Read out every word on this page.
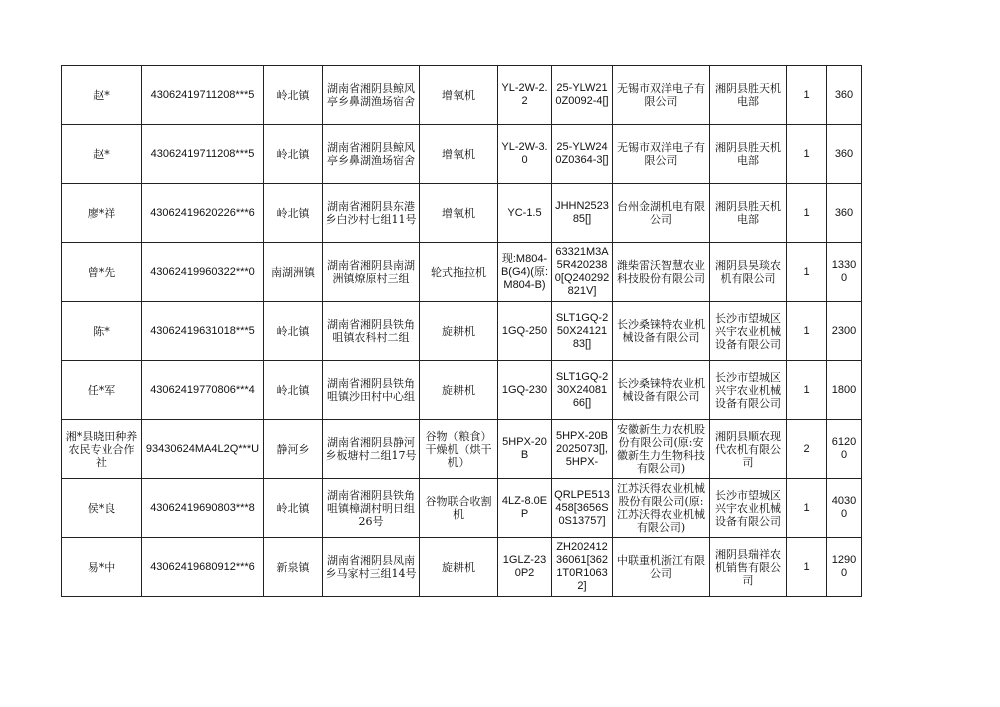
赵*	43062419711208***5	岭北镇	湖南省湘阴县鲸风亭乡鼻湖渔场宿舍	增氧机	YL-2W-2.2	25-YLW210Z0092-4[]	无锡市双洋电子有限公司	湘阴县胜天机电部	1	360
赵*	43062419711208***5	岭北镇	湖南省湘阴县鲸风亭乡鼻湖渔场宿舍	增氧机	YL-2W-3.0	25-YLW240Z0364-3[]	无锡市双洋电子有限公司	湘阴县胜天机电部	1	360
廖*祥	43062419620226***6	岭北镇	湖南省湘阴县东港乡白沙村七组11号	增氧机	YC-1.5	JHHN252385[]	台州金湖机电有限公司	湘阴县胜天机电部	1	360
曾*先	43062419960322***0	南湖洲镇	湖南省湘阴县南湖洲镇燎原村三组	轮式拖拉机	现:M804-B(G4)(原:M804-B)	63321M3A5R4202380[Q240292821V]	潍柴雷沃智慧农业科技股份有限公司	湘阴县昊琰农机有限公司	1	13300
陈*	43062419631018***5	岭北镇	湖南省湘阴县铁角咀镇农科村二组	旋耕机	1GQ-250	SLT1GQ-250X2412183[]	长沙桑铼特农业机械设备有限公司	长沙市望城区兴宇农业机械设备有限公司	1	2300
任*军	43062419770806***4	岭北镇	湖南省湘阴县铁角咀镇沙田村中心组	旋耕机	1GQ-230	SLT1GQ-230X2408166[]	长沙桑铼特农业机械设备有限公司	长沙市望城区兴宇农业机械设备有限公司	1	1800
湘*县晓田种养农民专业合作社	93430624MA4L2Q***U	静河乡	湖南省湘阴县静河乡板塘村二组17号	谷物（粮食）干燥机（烘干机）	5HPX-20B	5HPX-20B2025073[],5HPX-	安徽新生力农机股份有限公司(原:安徽新生力生物科技有限公司)	湘阴县顺农现代农机有限公司	2	61200
侯*良	43062419690803***8	岭北镇	湖南省湘阴县铁角咀镇樟湖村明日组26号	谷物联合收割机	4LZ-8.0EP	QRLPE513458[3656S0S13757]	江苏沃得农业机械股份有限公司(原:江苏沃得农业机械有限公司)	长沙市望城区兴宇农业机械设备有限公司	1	40300
易*中	43062419680912***6	新泉镇	湖南省湘阴县凤南乡马家村三组14号	旋耕机	1GLZ-230P2	ZH20241236061[3621T0R10632]	中联重机浙江有限公司	湘阴县瑞祥农机销售有限公司	1	12900
